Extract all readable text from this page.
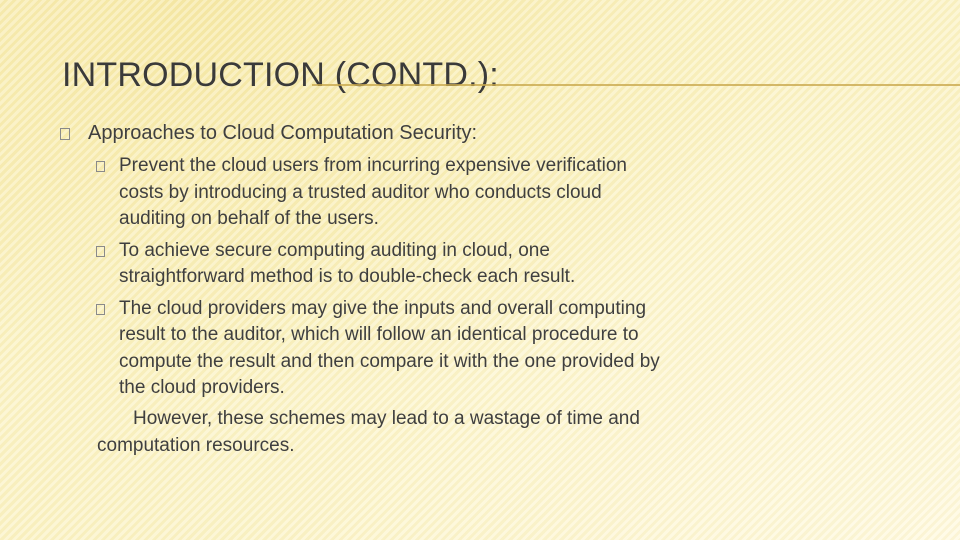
INTRODUCTION (CONTD.):
Approaches to Cloud Computation Security:
Prevent the cloud users from incurring expensive verification
costs by introducing a trusted auditor who conducts cloud
auditing on behalf of the users.
To achieve secure computing auditing in cloud, one
straightforward method is to double-check each result.
The cloud providers may give the inputs and overall computing
result to the auditor, which will follow an identical procedure to
compute the result and then compare it with the one provided by
the cloud providers.
However, these schemes may lead to a wastage of time and
computation resources.
